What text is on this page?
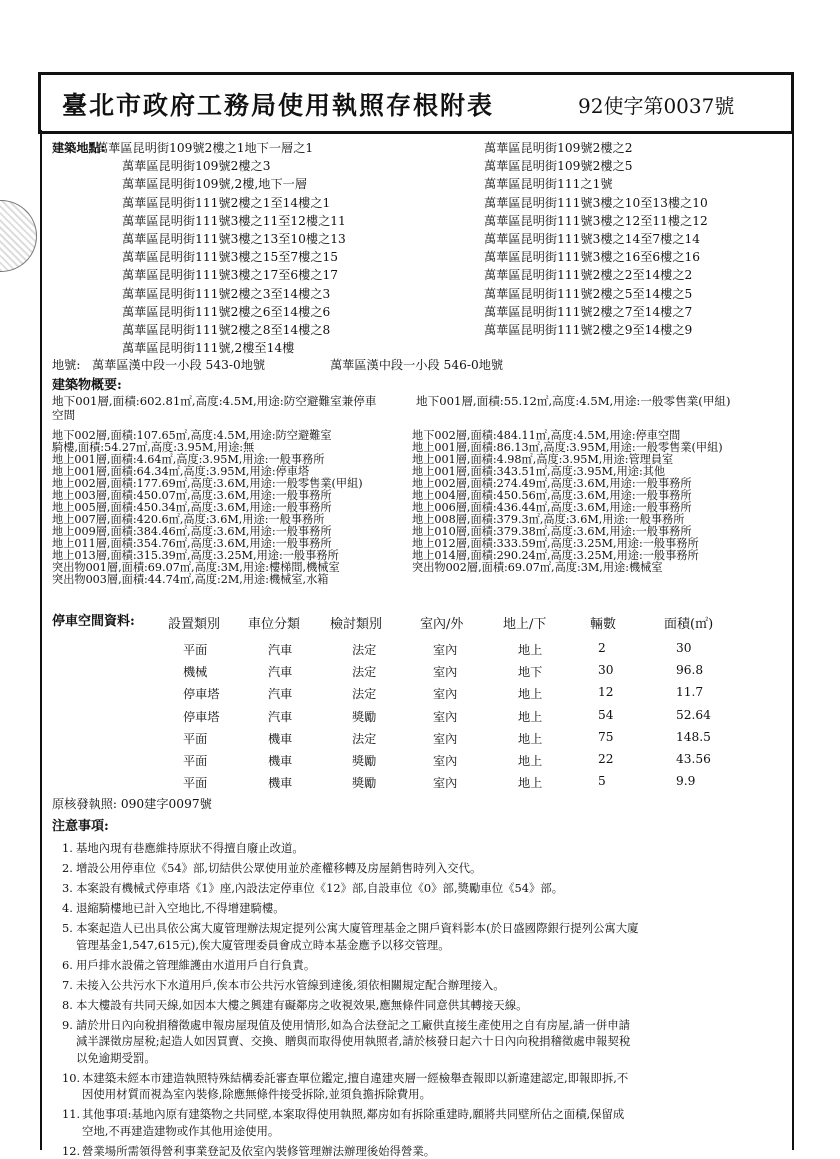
臺北市政府工務局使用執照存根附表	92使字第0037號
建築地點:
萬華區昆明街109號2樓之1地下一層之1
萬華區昆明街109號2樓之3
萬華區昆明街109號,2樓,地下一層
萬華區昆明街111號2樓之1至14樓之1
萬華區昆明街111號3樓之11至12樓之11
萬華區昆明街111號3樓之13至10樓之13
萬華區昆明街111號3樓之15至7樓之15
萬華區昆明街111號3樓之17至6樓之17
萬華區昆明街111號2樓之3至14樓之3
萬華區昆明街111號2樓之6至14樓之6
萬華區昆明街111號2樓之8至14樓之8
萬華區昆明街111號,2樓至14樓
萬華區昆明街109號2樓之2
萬華區昆明街109號2樓之5
萬華區昆明街111之1號
萬華區昆明街111號3樓之10至13樓之10
萬華區昆明街111號3樓之12至11樓之12
萬華區昆明街111號3樓之14至7樓之14
萬華區昆明街111號3樓之16至6樓之16
萬華區昆明街111號2樓之2至14樓之2
萬華區昆明街111號2樓之5至14樓之5
萬華區昆明街111號2樓之7至14樓之7
萬華區昆明街111號2樓之9至14樓之9
地號: 萬華區漢中段一小段 543-0地號	萬華區漢中段一小段 546-0地號
建築物概要:
地下001層,面積:602.81㎡,高度:4.5M,用途:防空避難室兼停車
空間
地下001層,面積:55.12㎡,高度:4.5M,用途:一般零售業(甲組)
地下002層,面積:107.65㎡,高度:4.5M,用途:防空避難室
騎樓,面積:54.27㎡,高度:3.95M,用途:無
地上001層,面積:4.64㎡,高度:3.95M,用途:一般事務所
地上001層,面積:64.34㎡,高度:3.95M,用途:停車塔
地上002層,面積:177.69㎡,高度:3.6M,用途:一般零售業(甲組)
地上003層,面積:450.07㎡,高度:3.6M,用途:一般事務所
地上005層,面積:450.34㎡,高度:3.6M,用途:一般事務所
地上007層,面積:420.6㎡,高度:3.6M,用途:一般事務所
地上009層,面積:384.46㎡,高度:3.6M,用途:一般事務所
地上011層,面積:354.76㎡,高度:3.6M,用途:一般事務所
地上013層,面積:315.39㎡,高度:3.25M,用途:一般事務所
突出物001層,面積:69.07㎡,高度:3M,用途:樓梯間,機械室
突出物003層,面積:44.74㎡,高度:2M,用途:機械室,水箱
地下002層,面積:484.11㎡,高度:4.5M,用途:停車空間
地上001層,面積:86.13㎡,高度:3.95M,用途:一般零售業(甲組)
地上001層,面積:4.98㎡,高度:3.95M,用途:管理員室
地上001層,面積:343.51㎡,高度:3.95M,用途:其他
地上002層,面積:274.49㎡,高度:3.6M,用途:一般事務所
地上004層,面積:450.56㎡,高度:3.6M,用途:一般事務所
地上006層,面積:436.44㎡,高度:3.6M,用途:一般事務所
地上008層,面積:379.3㎡,高度:3.6M,用途:一般事務所
地上010層,面積:379.38㎡,高度:3.6M,用途:一般事務所
地上012層,面積:333.59㎡,高度:3.25M,用途:一般事務所
地上014層,面積:290.24㎡,高度:3.25M,用途:一般事務所
突出物002層,面積:69.07㎡,高度:3M,用途:機械室
停車空間資料:	設置類別 車位分類 檢討類別	室內/外	地上/下	輛數	面積(㎡)
平面	汽車	法定	室內	地上	2	30
機械	汽車	法定	室內	地下	30	96.8
停車塔	汽車	法定	室內	地上	12	11.7
停車塔	汽車	獎勵	室內	地上	54	52.64
平面	機車	法定	室內	地上	75	148.5
平面	機車	獎勵	室內	地上	22	43.56
平面	機車	獎勵	室內	地上	5	9.9
原核發執照: 090建字0097號
注意事項:
1. 基地內現有巷應維持原狀不得擅自廢止改道。
2. 增設公用停車位《54》部,切結供公眾使用並於產權移轉及房屋銷售時列入交代。
3. 本案設有機械式停車塔《1》座,內設法定停車位《12》部,自設車位《0》部,獎勵車位《54》部。
4. 退縮騎樓地已計入空地比,不得增建騎樓。
5. 本案起造人已出具依公寓大廈管理辦法規定提列公寓大廈管理基金之開戶資料影本(於日盛國際銀行提列公寓大廈
管理基金1,547,615元),俟大廈管理委員會成立時本基金應予以移交管理。
6. 用戶排水設備之管理維護由水道用戶自行負責。
7. 未接入公共污水下水道用戶,俟本市公共污水管線到達後,須依相關規定配合辦理接入。
8. 本大樓設有共同天線,如因本大樓之興建有礙鄰房之收視效果,應無條件同意供其轉接天線。
9. 請於卅日內向稅捐稽徵處申報房屋現值及使用情形,如為合法登記之工廠供直接生產使用之自有房屋,請一併申請
減半課徵房屋稅;起造人如因買賣、交換、贈與而取得使用執照者,請於核發日起六十日內向稅捐稽徵處申報契稅
以免逾期受罰。
10. 本建築未經本市建造執照特殊結構委託審查單位鑑定,擅自違建夾層一經檢舉查報即以新違建認定,即報即拆,不
因使用材質而視為室內裝修,除應無條件接受拆除,並須負擔拆除費用。
11. 其他事項:基地內原有建築物之共同壁,本案取得使用執照,鄰房如有拆除重建時,願將共同壁所佔之面積,保留成
空地,不再建造建物或作其他用途使用。
12. 營業場所需領得營利事業登記及依室內裝修管理辦法辦理後始得營業。
